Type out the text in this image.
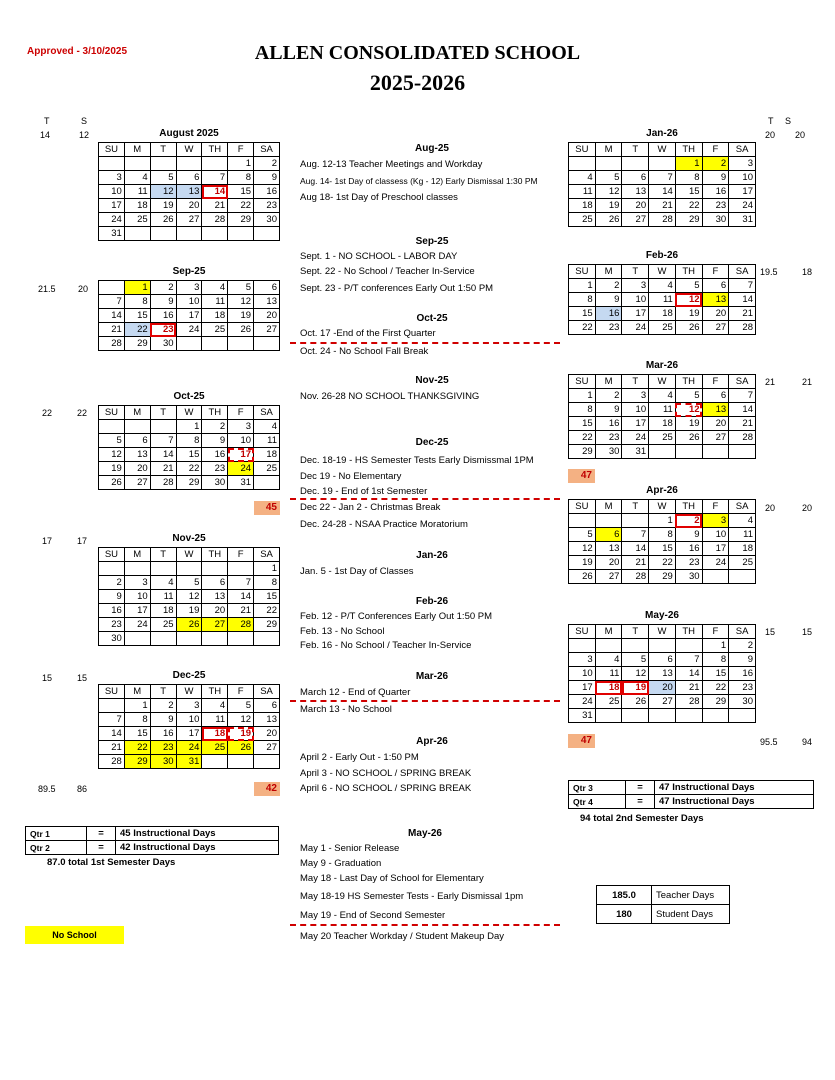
Approved - 3/10/2025	ALLEN CONSOLIDATED SCHOOL
2025-2026
T	S	T S
14	12
21.5 20
22	22
17	17
15	15
89.5 86
20 20
19.5	18
21	21
20	20
15	15
95.5	94
August 2025
Sep-25
Oct-25
Nov-25
Dec-25
Jan-26
Feb-26
Mar-26
Apr-26
May-26
SU	M	T	W	TH	F	SA
					1	2
3	4	5	6	7	8	9
10	11	12	13	14	15	16
17	18	19	20	21	22	23
24	25	26	27	28	29	30
31						
	1	2	3	4	5	6
7	8	9	10	11	12	13
14	15	16	17	18	19	20
21	22	23	24	25	26	27
28	29	30				
SU	M	T	W	TH	F	SA
			1	2	3	4
5	6	7	8	9	10	11
12	13	14	15	16	17	18
19	20	21	22	23	24	25
26	27	28	29	30	31	
SU	M	T	W	TH	F	SA
						1
2	3	4	5	6	7	8
9	10	11	12	13	14	15
16	17	18	19	20	21	22
23	24	25	26	27	28	29
30						
SU	M	T	W	TH	F	SA
	1	2	3	4	5	6
7	8	9	10	11	12	13
14	15	16	17	18	19	20
21	22	23	24	25	26	27
28	29	30	31			
SU	M	T	W	TH	F	SA
				1	2	3
4	5	6	7	8	9	10
11	12	13	14	15	16	17
18	19	20	21	22	23	24
25	26	27	28	29	30	31
SU	M	T	W	TH	F	SA
1	2	3	4	5	6	7
8	9	10	11	12	13	14
15	16	17	18	19	20	21
22	23	24	25	26	27	28
SU	M	T	W	TH	F	SA
1	2	3	4	5	6	7
8	9	10	11	12	13	14
15	16	17	18	19	20	21
22	23	24	25	26	27	28
29	30	31				
SU	M	T	W	TH	F	SA
			1	2	3	4
5	6	7	8	9	10	11
12	13	14	15	16	17	18
19	20	21	22	23	24	25
26	27	28	29	30		
SU	M	T	W	TH	F	SA
					1	2
3	4	5	6	7	8	9
10	11	12	13	14	15	16
17	18	19	20	21	22	23
24	25	26	27	28	29	30
31						
45
42
47
47
Aug-25
Aug. 12-13 Teacher Meetings and Workday
Aug. 14- 1st Day of classess (Kg - 12) Early Dismissal 1:30 PM
Aug 18- 1st Day of Preschool classes
Sep-25
Sept. 1 - NO SCHOOL - LABOR DAY
Sept. 22 - No School / Teacher In-Service
Sept. 23 - P/T conferences Early Out 1:50 PM
Oct-25
Oct. 17 -End of the First Quarter
Oct. 24 - No School Fall Break
Nov-25
Nov. 26-28 NO SCHOOL THANKSGIVING
Dec-25
Dec. 18-19 - HS Semester Tests Early Dismissmal 1PM
Dec 19 - No Elementary
Dec. 19 - End of 1st Semester
Dec 22 - Jan 2 - Christmas Break
Dec. 24-28 - NSAA Practice Moratorium
Jan-26
Jan. 5 - 1st Day of Classes
Feb-26
Feb. 12 - P/T Conferences Early Out 1:50 PM
Feb. 13 - No School
Feb. 16 - No School / Teacher In-Service
Mar-26
March 12 - End of Quarter
March 13 - No School
Apr-26
April 2 - Early Out - 1:50 PM
April 3 - NO SCHOOL / SPRING BREAK
April 6 - NO SCHOOL / SPRING BREAK
May-26
May 1 - Senior Release
May 9 - Graduation
May 18 - Last Day of School for Elementary
May 18-19 HS Semester Tests - Early Dismissal 1pm
May 19 - End of Second Semester
May 20 Teacher Workday / Student Makeup Day
Qtr 1	=	45 Instructional Days
Qtr 2	=	42 Instructional Days
87.0 total 1st Semester Days
Qtr 3	=	47 Instructional Days
Qtr 4	=	47 Instructional Days
94 total 2nd Semester Days
185.0	Teacher Days
180	Student Days
No School
